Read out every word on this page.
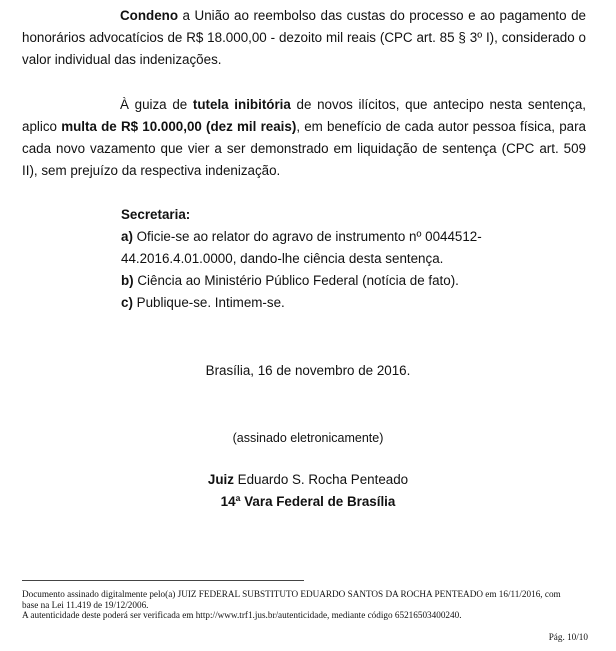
Condeno a União ao reembolso das custas do processo e ao pagamento de honorários advocatícios de R$ 18.000,00 - dezoito mil reais (CPC art. 85 § 3º I), considerado o valor individual das indenizações.
À guiza de tutela inibitória de novos ilícitos, que antecipo nesta sentença, aplico multa de R$ 10.000,00 (dez mil reais), em benefício de cada autor pessoa física, para cada novo vazamento que vier a ser demonstrado em liquidação de sentença (CPC art. 509 II), sem prejuízo da respectiva indenização.
Secretaria:
a) Oficie-se ao relator do agravo de instrumento nº 0044512-44.2016.4.01.0000, dando-lhe ciência desta sentença.
b) Ciência ao Ministério Público Federal (notícia de fato).
c) Publique-se. Intimem-se.
Brasília, 16 de novembro de 2016.
(assinado eletronicamente)
Juiz Eduardo S. Rocha Penteado
14ª Vara Federal de Brasília
Documento assinado digitalmente pelo(a) JUIZ FEDERAL SUBSTITUTO EDUARDO SANTOS DA ROCHA PENTEADO em 16/11/2016, com
base na Lei 11.419 de 19/12/2006.
A autenticidade deste poderá ser verificada em http://www.trf1.jus.br/autenticidade, mediante código 65216503400240.
Pág. 10/10
